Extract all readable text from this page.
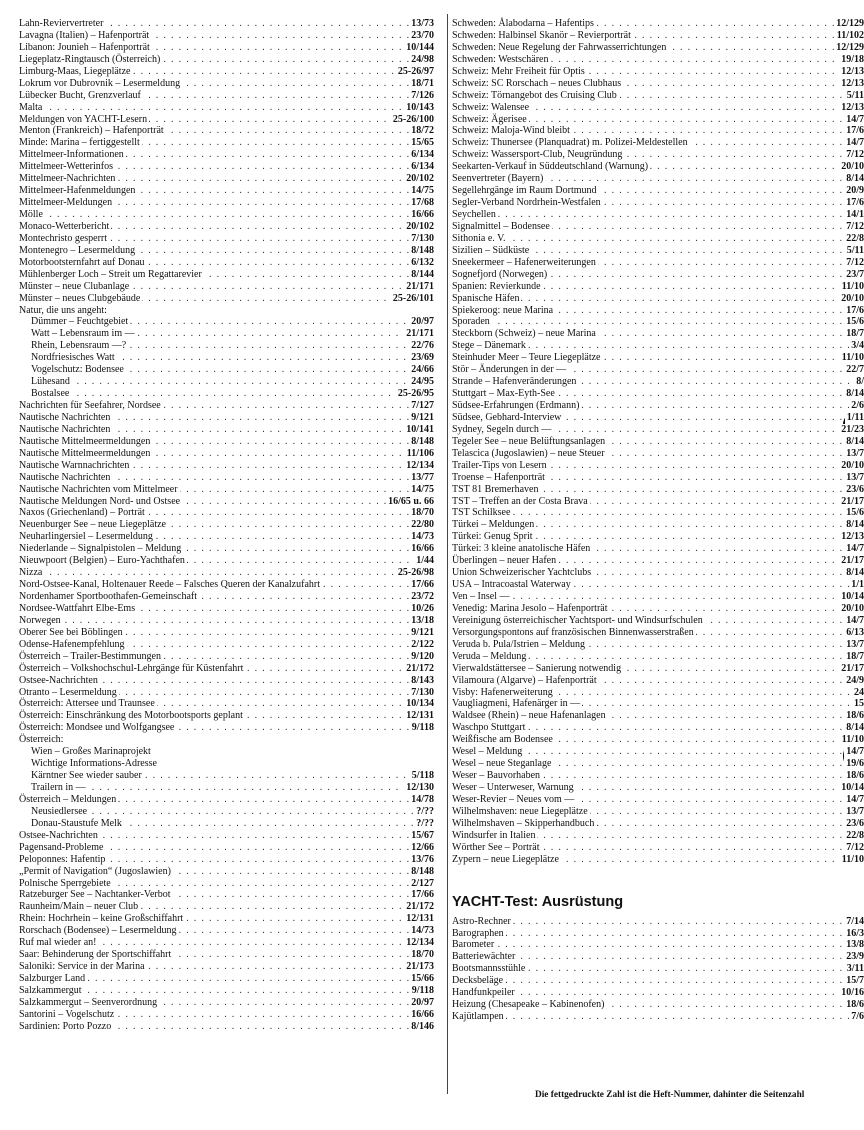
. . .
Lahn-Reviervertreter	13/73
. . .
Lavagna (Italien) – Hafenporträt	23/70
. . .
Libanon: Jounieh – Hafenporträt	10/144
. . .
Liegeplatz-Ringtausch (Österreich)	24/98
. . .
Limburg-Maas, Liegeplätze	25-26/97
. . .
Lokrum vor Dubrovnik – Lesermeldung	18/71
. . .
Lübecker Bucht, Grenzverlauf	7/126
. . .
Malta	10/143
. . .
Meldungen von YACHT-Lesern	25-26/100
. . .
Menton (Frankreich) – Hafenporträt	18/72
. . .
Minde: Marina – fertiggestellt	15/65
. . .
Mittelmeer-Informationen	6/134
. . .
Mittelmeer-Wetterinfos	6/134
. . .
Mittelmeer-Nachrichten	20/102
. . .
Mittelmeer-Hafenmeldungen	14/75
. . .
Mittelmeer-Meldungen	17/68
. . .
Mölle	16/66
. . .
Monaco-Wetterbericht	20/102
. . .
Montechristo gesperrt	7/130
. . .
Montenegro – Lesermeldung	8/148
. . .
Motorbootsternfahrt auf Donau	6/132
. . .
Mühlenberger Loch – Streit um Regattarevier	8/144
. . .
Münster – neue Clubanlage	21/171
. . .
Münster – neues Clubgebäude	25-26/101
Natur, die uns angeht:
. . .
Dümmer – Feuchtgebiet	20/97
. . .
Watt – Lebensraum im ––	21/171
. . .
Rhein, Lebensraum ––?	22/76
. . .
Nordfriesisches Watt	23/69
. . .
Vogelschutz: Bodensee	24/66
. . .
Lühesand	24/95
. . .
Bostalsee	25-26/95
. . .
Nachrichten für Seefahrer, Nordsee	7/127
. . .
Nautische Nachrichten	9/121
. . .
Nautische Nachrichten	10/141
. . .
Nautische Mittelmeermeldungen	8/148
. . .
Nautische Mittelmeermeldungen	11/106
. . .
Nautische Warnnachrichten	12/134
. . .
Nautische Nachrichten	13/77
. . .
Nautische Nachrichten vom Mittelmeer	14/75
. . .
Nautische Meldungen Nord- und Ostsee	16/65 u. 66
. . .
Naxos (Griechenland) – Porträt	18/70
. . .
Neuenburger See – neue Liegeplätze	22/80
. . .
Neuharlingersiel – Lesermeldung	14/73
. . .
Niederlande – Signalpistolen – Meldung	16/66
. . .
Nieuwpoort (Belgien) – Euro-Yachthafen	1/44
. . .
Nizza	25-26/98
. . .
Nord-Ostsee-Kanal, Holtenauer Reede – Falsches Queren der Kanalzufahrt	17/66
. . .
Nordenhamer Sportboothafen-Gemeinschaft	23/72
. . .
Nordsee-Wattfahrt Elbe-Ems	10/26
. . .
Norwegen	13/18
. . .
Oberer See bei Böblingen	9/121
. . .
Odense-Hafenempfehlung	2/122
. . .
Österreich – Trailer-Bestimmungen	9/120
. . .
Österreich – Volkshochschul-Lehrgänge für Küstenfahrt	21/172
. . .
Ostsee-Nachrichten	8/143
. . .
Otranto – Lesermeldung	7/130
. . .
Österreich: Attersee und Traunsee	10/134
. . .
Österreich: Einschränkung des Motorbootsports geplant	12/131
. . .
Österreich: Mondsee und Wolfgangsee	9/118
Österreich:
Wien – Großes Marinaprojekt
Wichtige Informations-Adresse
. . .
Kärntner See wieder sauber	5/118
. . .
Trailern in ––	12/130
. . .
Österreich – Meldungen	14/78
. . .
Neusiedlersee	?/??
. . .
Donau-Staustufe Melk	?/??
. . .
Ostsee-Nachrichten	15/67
. . .
Pagensand-Probleme	12/66
. . .
Peloponnes: Hafentip	13/76
. . .
„Permit of Navigation“ (Jugoslawien)	8/148
. . .
Polnische Sperrgebiete	2/127
. . .
Ratzeburger See – Nachtanker-Verbot	17/66
. . .
Raunheim/Main – neuer Club	21/172
. . .
Rhein: Hochrhein – keine Großschiffahrt	12/131
. . .
Rorschach (Bodensee) – Lesermeldung	14/73
. . .
Ruf mal wieder an!	12/134
. . .
Saar: Behinderung der Sportschiffahrt	18/70
. . .
Saloniki: Service in der Marina	21/173
. . .
Salzburger Land	15/66
. . .
Salzkammergut	9/118
. . .
Salzkammergut – Seenverordnung	20/97
. . .
Santorini – Vogelschutz	16/66
. . .
Sardinien: Porto Pozzo	8/146
. . .
Schweden: Ålabodarna – Hafentips	12/129
. . .
Schweden: Halbinsel Skanör – Revierporträt	11/102
. . .
Schweden: Neue Regelung der Fahrwasserrichtungen	12/129
. . .
Schweden: Westschären	19/18
. . .
Schweiz: Mehr Freiheit für Optis	12/13
. . .
Schweiz: SC Rorschach – neues Clubhaus	12/13
. . .
Schweiz: Törnangebot des Cruising Club	5/11
. . .
Schweiz: Walensee	12/13
. . .
Schweiz: Ägerisee	14/7
. . .
Schweiz: Maloja-Wind bleibt	17/6
. . .
Schweiz: Thunersee (Planquadrat) m. Polizei-Meldestellen	14/7
. . .
Schweiz: Wassersport-Club, Neugründung	7/12
. . .
Seekarten-Verkauf in Süddeutschland (Warnung)	20/10
. . .
Seenvertreter (Bayern)	8/14
. . .
Segellehrgänge im Raum Dortmund	20/9
. . .
Segler-Verband Nordrhein-Westfalen	17/6
. . .
Seychellen	14/1
. . .
Signalmittel – Bodensee	7/12
. . .
Sithonia e. V.	22/8
. . .
Sizilien – Südküste	5/11
. . .
Sneekermeer – Hafenerweiterungen	7/12
. . .
Sognefjord (Norwegen)	23/7
. . .
Spanien: Revierkunde	11/10
. . .
Spanische Häfen	20/10
. . .
Spiekeroog: neue Marina	17/6
. . .
Sporaden	15/6
. . .
Steckborn (Schweiz) – neue Marina	18/7
. . .
Stege – Dänemark	3/4
. . .
Steinhuder Meer – Teure Liegeplätze	11/10
. . .
Stör – Änderungen in der ––	22/7
. . .
Strande – Hafenveränderungen	8/
. . .
Stuttgart – Max-Eyth-See	8/14
. . .
Südsee-Erfahrungen (Erdmann)	2/6
. . .
Südsee, Gebhard-Interview	1/11
. . .
Sydney, Segeln durch ––	21/23
. . .
Tegeler See – neue Belüftungsanlagen	8/14
. . .
Telascica (Jugoslawien) – neue Steuer	13/7
. . .
Trailer-Tips von Lesern	20/10
. . .
Troense – Hafenporträt	13/7
. . .
TST 81 Bremerhaven	23/6
. . .
TST – Treffen an der Costa Brava	21/17
. . .
TST Schilksee	15/6
. . .
Türkei – Meldungen	8/14
. . .
Türkei: Genug Sprit	12/13
. . .
Türkei: 3 kleine anatolische Häfen	14/7
. . .
Überlingen – neuer Hafen	21/17
. . .
Union Schweizerischer Yachtclubs	8/14
. . .
USA – Intracoastal Waterway	1/1
. . .
Ven – Insel ––	10/14
. . .
Venedig: Marina Jesolo – Hafenporträt	20/10
. . .
Vereinigung österreichischer Yachtsport- und Windsurfschulen	14/7
. . .
Versorgungspontons auf französischen Binnenwasserstraßen	6/13
. . .
Veruda b. Pula/Istrien – Meldung	13/7
. . .
Veruda – Meldung	18/7
. . .
Vierwaldstättersee – Sanierung notwendig	21/17
. . .
Vilamoura (Algarve) – Hafenporträt	24/9
. . .
Visby: Hafenerweiterung	24
. . .
Vaugliagmeni, Hafenärger in ––	15
. . .
Waldsee (Rhein) – neue Hafenanlagen	18/6
. . .
Waschpo Stuttgart	8/14
. . .
Weißfische am Bodensee	11/10
. . .
Wesel – Meldung	14/7
. . .
Wesel – neue Steganlage	19/6
. . .
Weser – Bauvorhaben	18/6
. . .
Weser – Unterweser, Warnung	10/14
. . .
Weser-Revier – Neues vom ––	14/7
. . .
Wilhelmshaven: neue Liegeplätze	13/7
. . .
Wilhelmshaven – Skipperhandbuch	23/6
. . .
Windsurfer in Italien	22/8
. . .
Wörther See – Porträt	7/12
. . .
Zypern – neue Liegeplätze	11/10
YACHT-Test: Ausrüstung
. . .
Astro-Rechner	7/14
. . .
Barographen	16/3
. . .
Barometer	13/8
. . .
Batteriewächter	23/9
. . .
Bootsmannsstühle	3/11
. . .
Decksbeläge	15/7
. . .
Handfunkpeiler	10/16
. . .
Heizung (Chesapeake – Kabinenofen)	18/6
. . .
Kajütlampen	7/6
Die fettgedruckte Zahl ist die Heft-Nummer, dahinter die Seitenzahl
